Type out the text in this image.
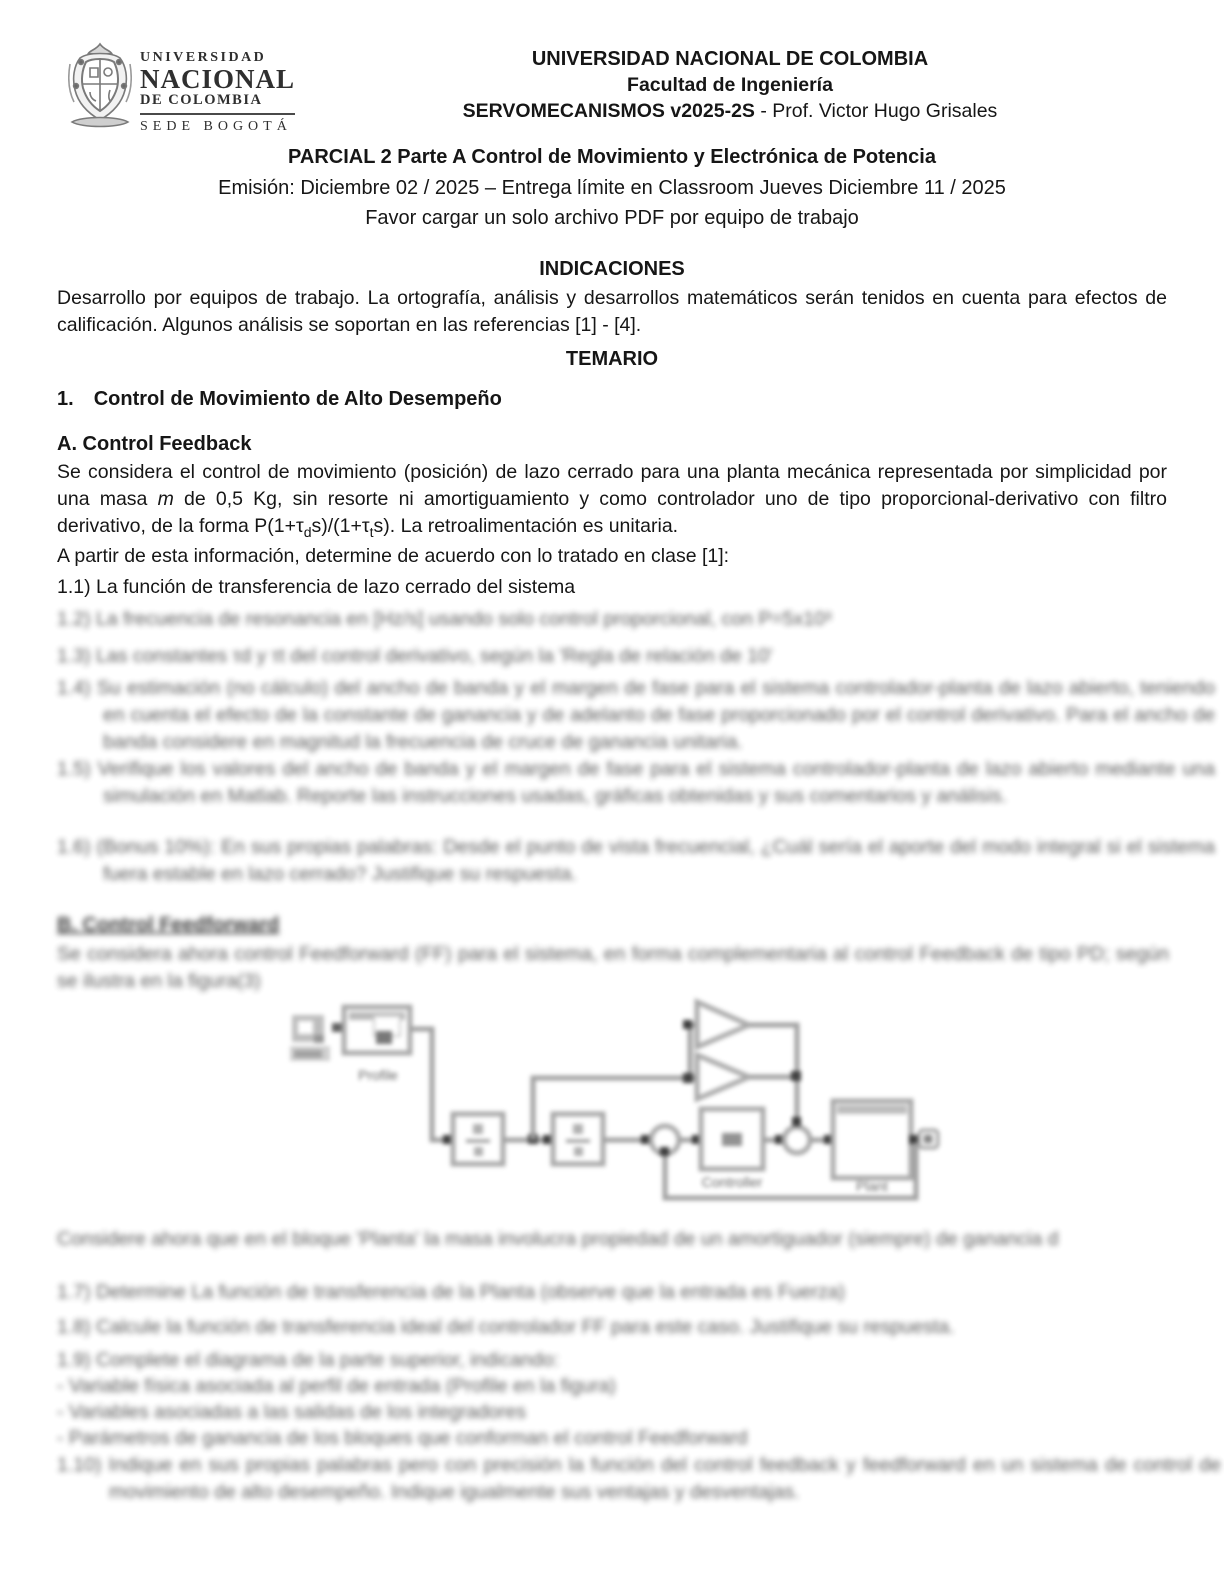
UNIVERSIDAD
NACIONAL
DE COLOMBIA
SEDE BOGOTÁ
UNIVERSIDAD NACIONAL DE COLOMBIA
Facultad de Ingeniería
SERVOMECANISMOS v2025-2S - Prof. Victor Hugo Grisales
PARCIAL 2 Parte A Control de Movimiento y Electrónica de Potencia
Emisión: Diciembre 02 / 2025 – Entrega límite en Classroom Jueves Diciembre 11 / 2025
Favor cargar un solo archivo PDF por equipo de trabajo
INDICACIONES
Desarrollo por equipos de trabajo. La ortografía, análisis y desarrollos matemáticos serán tenidos en cuenta para efectos de calificación. Algunos análisis se soportan en las referencias [1] - [4].
TEMARIO
1. Control de Movimiento de Alto Desempeño
A. Control Feedback
Se considera el control de movimiento (posición) de lazo cerrado para una planta mecánica representada por simplicidad por una masa m de 0,5 Kg, sin resorte ni amortiguamiento y como controlador uno de tipo proporcional-derivativo con filtro derivativo, de la forma $P(1+\tau_ds)/(1+\tau_ts)$. La retroalimentación es unitaria.
A partir de esta información, determine de acuerdo con lo tratado en clase [1]:
1.1) La función de transferencia de lazo cerrado del sistema
1.2) La frecuencia de resonancia en [Hz/s] usando solo control proporcional, con P=5x10³
1.3) Las constantes τd y τt del control derivativo, según la 'Regla de relación de 10'
1.4) Su estimación (no cálculo) del ancho de banda y el margen de fase para el sistema controlador-planta de lazo abierto, teniendo en cuenta el efecto de la constante de ganancia y de adelanto de fase proporcionado por el control derivativo. Para el ancho de banda considere en magnitud la frecuencia de cruce de ganancia unitaria.
1.5) Verifique los valores del ancho de banda y el margen de fase para el sistema controlador-planta de lazo abierto mediante una simulación en Matlab. Reporte las instrucciones usadas, gráficas obtenidas y sus comentarios y análisis.
1.6) (Bonus 10%): En sus propias palabras: Desde el punto de vista frecuencial, ¿Cuál sería el aporte del modo integral si el sistema fuera estable en lazo cerrado? Justifique su respuesta.
B. Control Feedforward
Se considera ahora control Feedforward (FF) para el sistema, en forma complementaria al control Feedback de tipo PD; según se ilustra en la figura(3)
Profile
Controller	Plant
Considere ahora que en el bloque 'Planta' la masa involucra propiedad de un amortiguador (siempre) de ganancia d
1.7) Determine La función de transferencia de la Planta (observe que la entrada es Fuerza)
1.8) Calcule la función de transferencia ideal del controlador FF para este caso. Justifique su respuesta.
1.9) Complete el diagrama de la parte superior, indicando:
- Variable física asociada al perfil de entrada (Profile en la figura)
- Variables asociadas a las salidas de los integradores
- Parámetros de ganancia de los bloques que conforman el control Feedforward
1.10) Indique en sus propias palabras pero con precisión la función del control feedback y feedforward en un sistema de control de movimiento de alto desempeño. Indique igualmente sus ventajas y desventajas.
